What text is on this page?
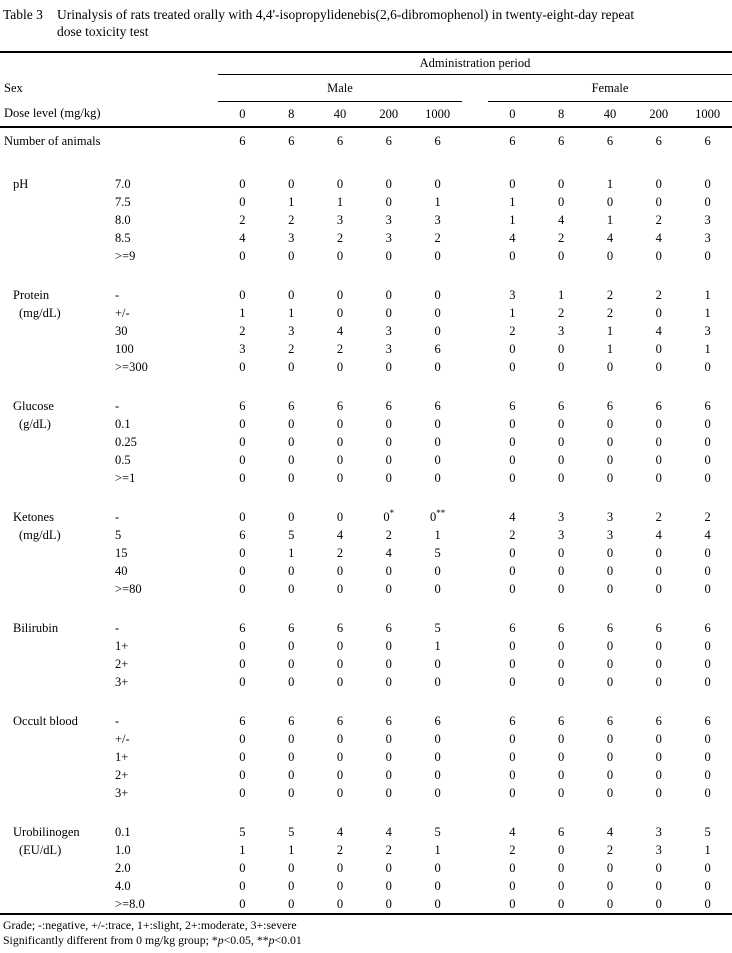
Table 3	Urinalysis of rats treated orally with 4,4'-isopropylidenebis(2,6-dibromophenol) in twenty-eight-day repeat
dose toxicity test
		Administration period										
Sex		Male						Female				
Dose level (mg/kg)		0	8	40	200	1000		0	8	40	200	1000
Number of animals		6	6	6	6	6		6	6	6	6	6

pH	7.0	0	0	0	0	0		0	0	1	0	0
	7.5	0	1	1	0	1		1	0	0	0	0
	8.0	2	2	3	3	3		1	4	1	2	3
	8.5	4	3	2	3	2		4	2	4	4	3
	>=9	0	0	0	0	0		0	0	0	0	0

Protein	-	0	0	0	0	0		3	1	2	2	1
(mg/dL)	+/-	1	1	0	0	0		1	2	2	0	1
	30	2	3	4	3	0		2	3	1	4	3
	100	3	2	2	3	6		0	0	1	0	1
	>=300	0	0	0	0	0		0	0	0	0	0

Glucose	-	6	6	6	6	6		6	6	6	6	6
(g/dL)	0.1	0	0	0	0	0		0	0	0	0	0
	0.25	0	0	0	0	0		0	0	0	0	0
	0.5	0	0	0	0	0		0	0	0	0	0
	>=1	0	0	0	0	0		0	0	0	0	0

Ketones	-	0	0	0	0*	0**		4	3	3	2	2
(mg/dL)	5	6	5	4	2	1		2	3	3	4	4
	15	0	1	2	4	5		0	0	0	0	0
	40	0	0	0	0	0		0	0	0	0	0
	>=80	0	0	0	0	0		0	0	0	0	0

Bilirubin	-	6	6	6	6	5		6	6	6	6	6
	1+	0	0	0	0	1		0	0	0	0	0
	2+	0	0	0	0	0		0	0	0	0	0
	3+	0	0	0	0	0		0	0	0	0	0

Occult blood	-	6	6	6	6	6		6	6	6	6	6
	+/-	0	0	0	0	0		0	0	0	0	0
	1+	0	0	0	0	0		0	0	0	0	0
	2+	0	0	0	0	0		0	0	0	0	0
	3+	0	0	0	0	0		0	0	0	0	0

Urobilinogen	0.1	5	5	4	4	5		4	6	4	3	5
(EU/dL)	1.0	1	1	2	2	1		2	0	2	3	1
	2.0	0	0	0	0	0		0	0	0	0	0
	4.0	0	0	0	0	0		0	0	0	0	0
	>=8.0	0	0	0	0	0		0	0	0	0	0
Grade; -:negative, +/-:trace, 1+:slight, 2+:moderate, 3+:severe
Significantly different from 0 mg/kg group; *p<0.05, **p<0.01
